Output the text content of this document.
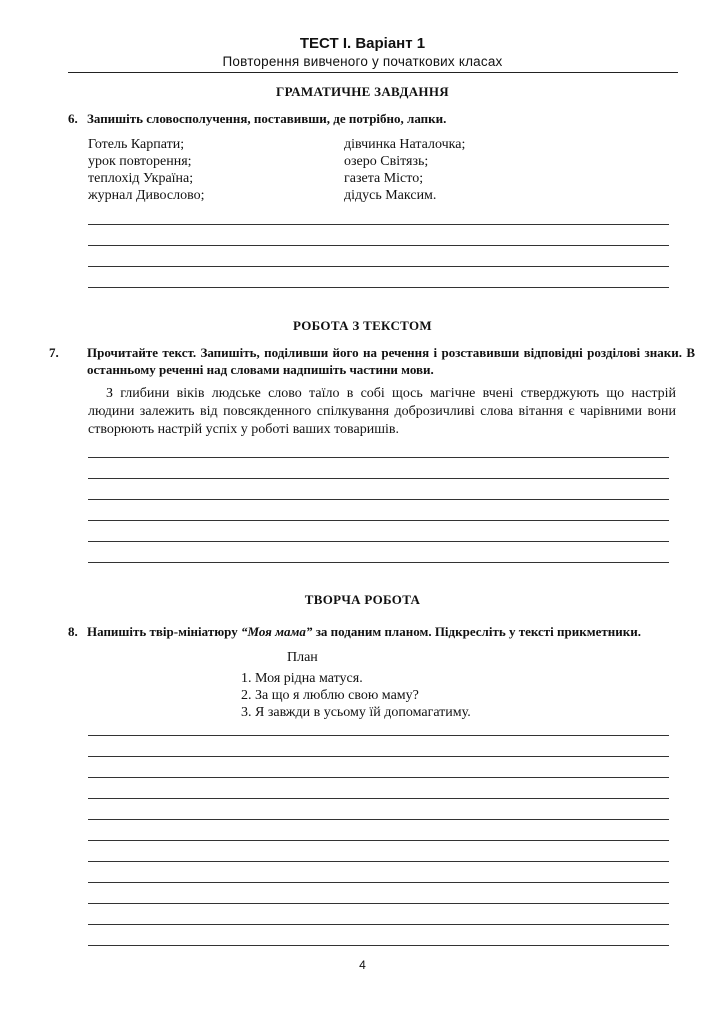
ТЕСТ І. Варіант 1
Повторення вивченого у початкових класах
ГРАМАТИЧНЕ ЗАВДАННЯ
6. Запишіть словосполучення, поставивши, де потрібно, лапки.
Готель Карпати;	дівчинка Наталочка;
урок повторення;	озеро Світязь;
теплохід Україна;	газета Місто;
журнал Дивослово;	дідусь Максим.
РОБОТА З ТЕКСТОМ
7. Прочитайте текст. Запишіть, поділивши його на речення і розставивши відповідні розділові знаки. В останньому реченні над словами надпишіть частини мови.
З глибини віків людське слово таїло в собі щось магічне вчені стверджують що настрій людини залежить від повсякденного спілкування доброзичливі слова вітання є чарівними вони створюють настрій успіх у роботі ваших товаришів.
ТВОРЧА РОБОТА
8. Напишіть твір-мініатюру “Моя мама” за поданим планом. Підкресліть у тексті прикметники.
План
1. Моя рідна матуся.
2. За що я люблю свою маму?
3. Я завжди в усьому їй допомагатиму.
4
